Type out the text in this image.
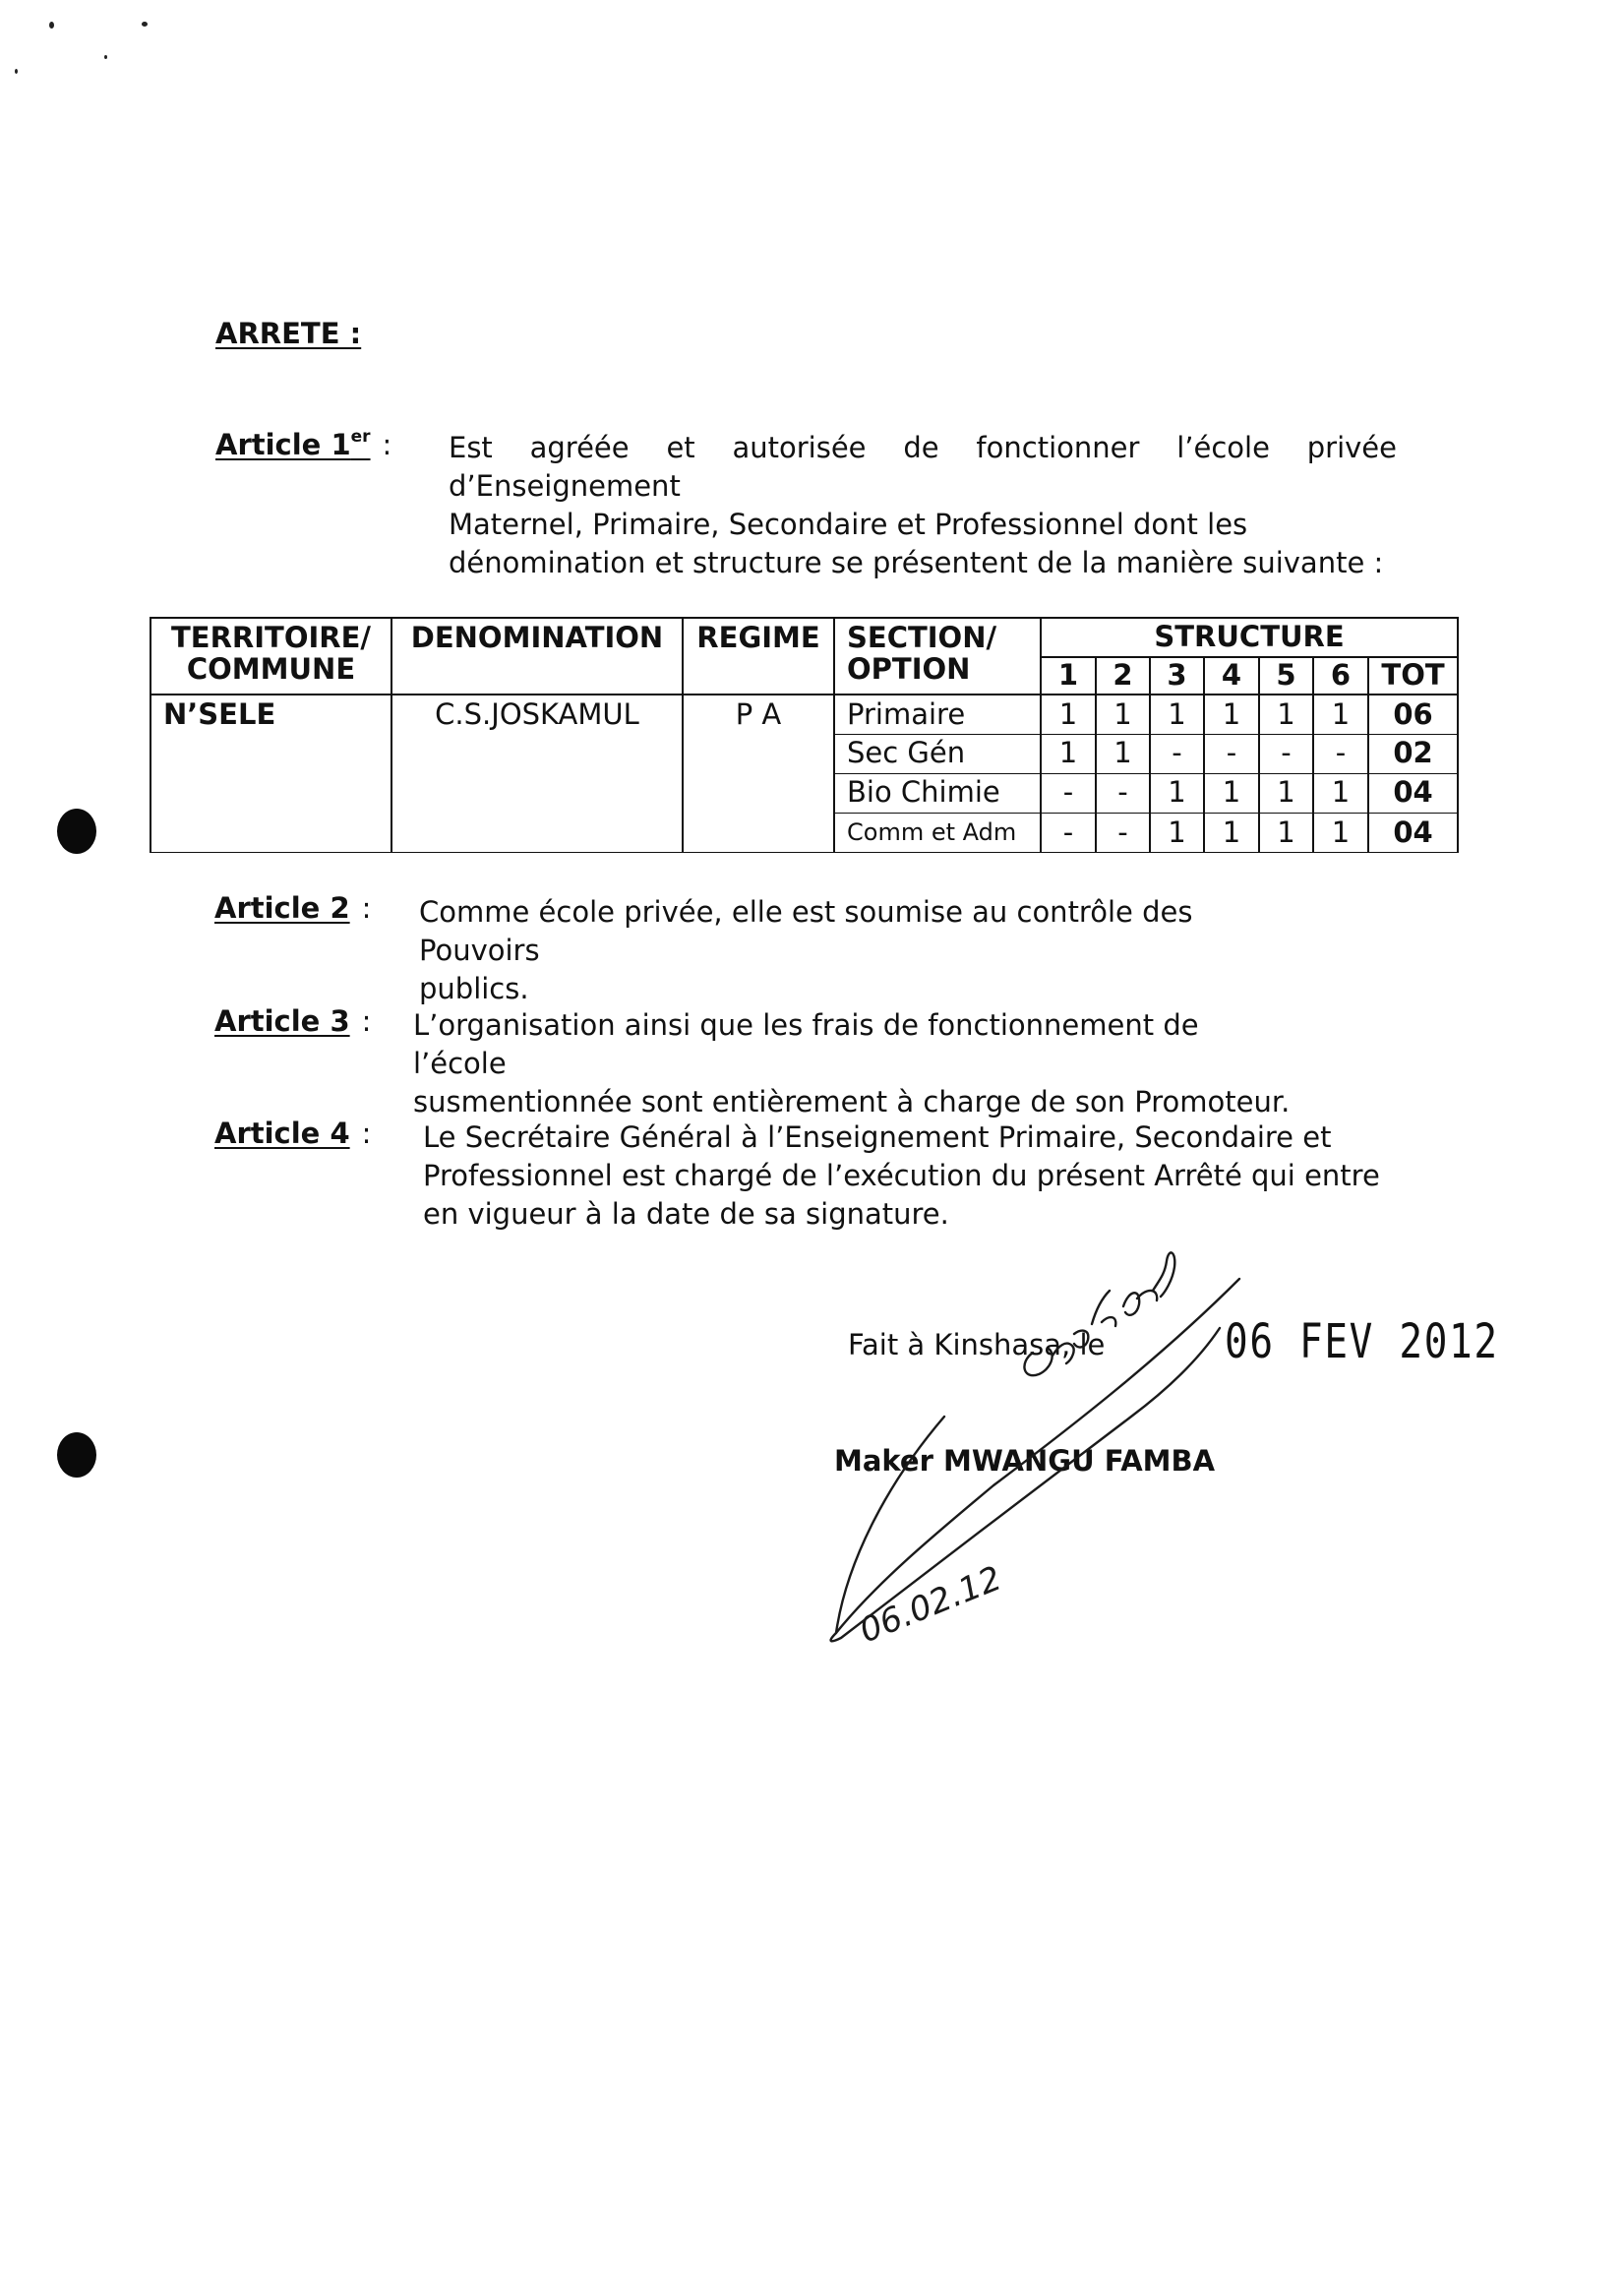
ARRETE :
Article 1er : Est agréée et autorisée de fonctionner l’école privée d’Enseignement
Maternel, Primaire, Secondaire et Professionnel dont les
dénomination et structure se présentent de la manière suivante :
TERRITOIRE/ COMMUNE	DENOMINATION	REGIME	SECTION/ OPTION	STRUCTURE						
				1	2	3	4	5	6	TOT
N’SELE	C.S.JOSKAMUL	P A	Primaire	1	1	1	1	1	1	06
			Sec Gén	1	1	-	-	-	-	02
			Bio Chimie	-	-	1	1	1	1	04
			Comm et Adm	-	-	1	1	1	1	04
Article 2 : Comme école privée, elle est soumise au contrôle des Pouvoirs
publics.
Article 3 : L’organisation ainsi que les frais de fonctionnement de l’école
susmentionnée sont entièrement à charge de son Promoteur.
Article 4 : Le Secrétaire Général à l’Enseignement Primaire, Secondaire et
Professionnel est chargé de l’exécution du présent Arrêté qui entre
en vigueur à la date de sa signature.
Fait à Kinshasa, le	06 FEV 2012
Maker MWANGU FAMBA
06.02.12
